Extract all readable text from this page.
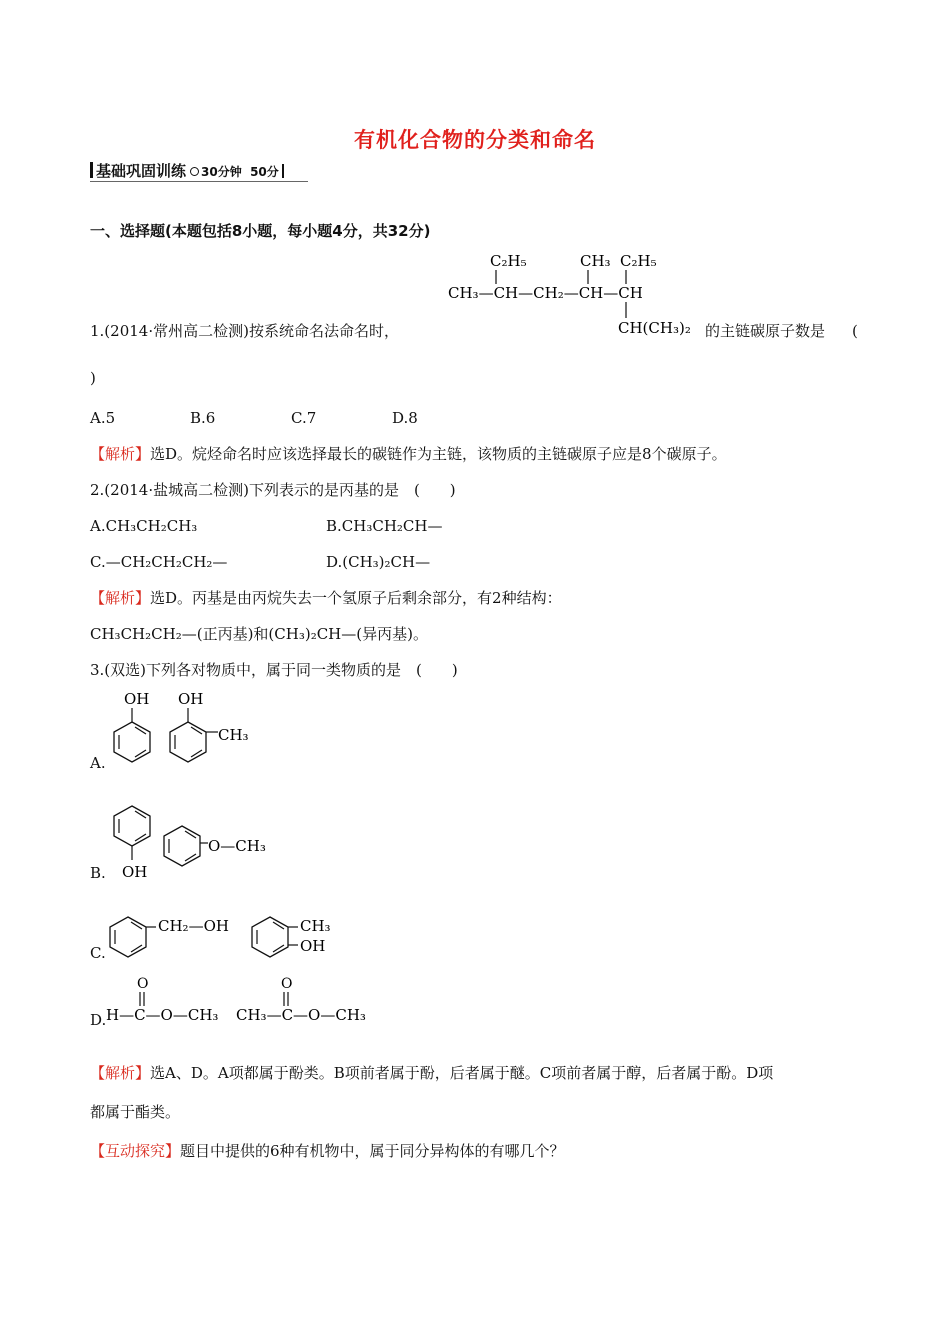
有机化合物的分类和命名
基础巩固训练 30分钟 50分
一、选择题(本题包括8小题，每小题4分，共32分)
C₂H₅	CH₃ C₂H₅
CH₃—CH—CH₂—CH—CH
CH(CH₃)₂
1.(2014·常州高二检测)按系统命名法命名时，	的主链碳原子数是 (
)
A.5	B.6	C.7	D.8
【解析】选D。烷烃命名时应该选择最长的碳链作为主链，该物质的主链碳原子应是8个碳原子。
2.(2014·盐城高二检测)下列表示的是丙基的是　(　　)
A.CH₃CH₂CH₃	B.CH₃CH₂CH—
C.—CH₂CH₂CH₂—	D.(CH₃)₂CH—
【解析】选D。丙基是由丙烷失去一个氢原子后剩余部分，有2种结构：
CH₃CH₂CH₂—(正丙基)和(CH₃)₂CH—(异丙基)。
3.(双选)下列各对物质中，属于同一类物质的是　(　　)
A.
OH OH
CH₃
B. OH
O—CH₃
C.
CH₂—OH	CH₃
OH
D.
O
H—C—O—CH₃
O
CH₃—C—O—CH₃
【解析】选A、D。A项都属于酚类。B项前者属于酚，后者属于醚。C项前者属于醇，后者属于酚。D项
都属于酯类。
【互动探究】题目中提供的6种有机物中，属于同分异构体的有哪几个？
